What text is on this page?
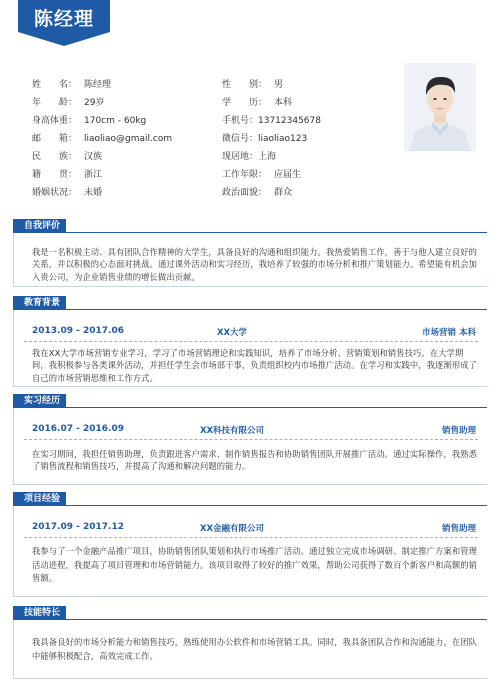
陈经理
姓　　名： 陈经理
年　　龄： 29岁
身高体重： 170cm - 60kg
邮　　箱： liaoliao@gmail.com
民　　族： 汉族
籍　　贯： 浙江
婚姻状况： 未婚
性　　别： 男
学　　历： 本科
手机号：13712345678
微信号：liaoliao123
现居地：上海
工作年限： 应届生
政治面貌： 群众
自我评价
我是一名积极主动、具有团队合作精神的大学生，具备良好的沟通和组织能力。我热爱销售工作，善于与他人建立良好的关系，并以积极的心态面对挑战。通过课外活动和实习经历，我培养了较强的市场分析和推广策划能力。希望能有机会加入贵公司，为企业销售业绩的增长做出贡献。
教育背景
2013.09 - 2017.06	XX大学	市场营销 本科
我在XX大学市场营销专业学习，学习了市场营销理论和实践知识，培养了市场分析、营销策划和销售技巧。在大学期间，我积极参与各类课外活动，并担任学生会市场部干事，负责组织校内市场推广活动。在学习和实践中，我逐渐形成了自己的市场营销思维和工作方式。
实习经历
2016.07 - 2016.09	XX科技有限公司	销售助理
在实习期间，我担任销售助理，负责跟进客户需求、制作销售报告和协助销售团队开展推广活动。通过实际操作，我熟悉了销售流程和销售技巧，并提高了沟通和解决问题的能力。
项目经验
2017.09 - 2017.12	XX金融有限公司	销售助理
我参与了一个金融产品推广项目，协助销售团队策划和执行市场推广活动。通过独立完成市场调研、制定推广方案和管理活动进程，我提高了项目管理和市场营销能力。该项目取得了较好的推广效果，帮助公司获得了数百个新客户和高额的销售额。
技能特长
我具备良好的市场分析能力和销售技巧，熟练使用办公软件和市场营销工具。同时，我具备团队合作和沟通能力，在团队中能够积极配合，高效完成工作。
